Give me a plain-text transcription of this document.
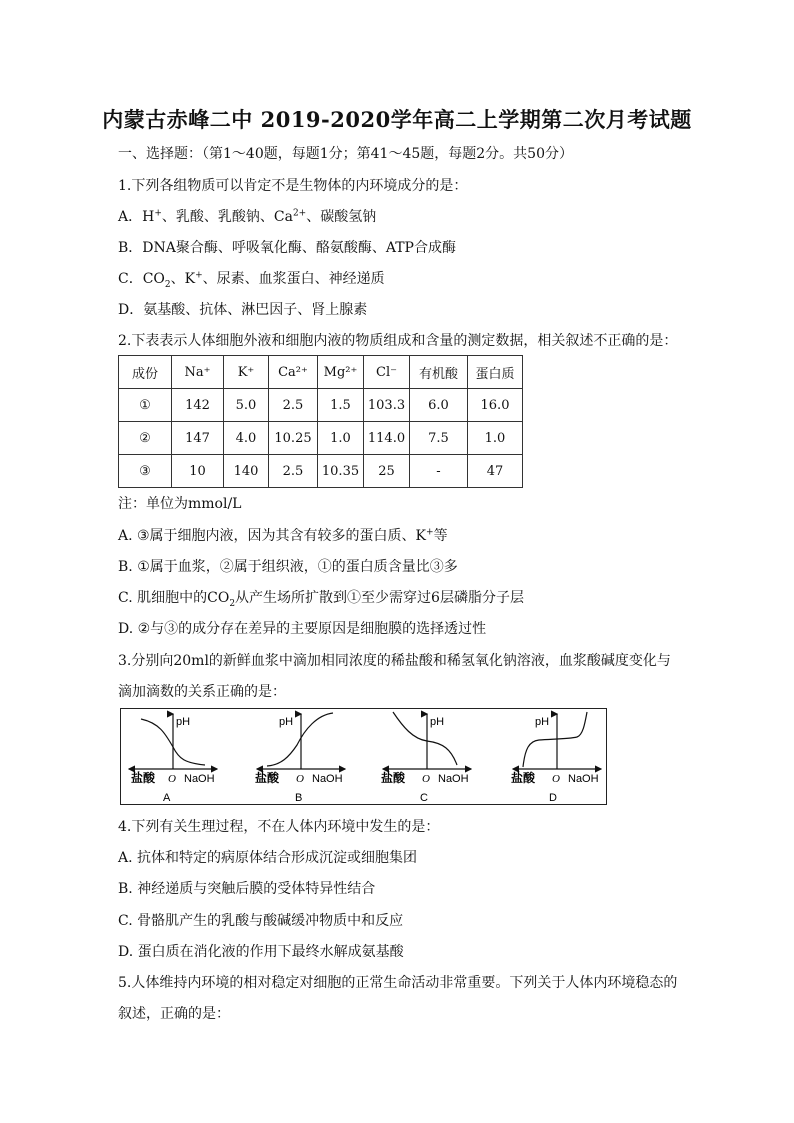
内蒙古赤峰二中 2019-2020学年高二上学期第二次月考试题
一、选择题：（第1～40题，每题1分；第41～45题，每题2分。共50分）
1.下列各组物质可以肯定不是生物体的内环境成分的是：
A．H+、乳酸、乳酸钠、$Ca^{2+}$、碳酸氢钠
B．DNA聚合酶、呼吸氧化酶、酪氨酸酶、ATP合成酶
C．$CO_2$、K+、尿素、血浆蛋白、神经递质
D．氨基酸、抗体、淋巴因子、肾上腺素
2.下表表示人体细胞外液和细胞内液的物质组成和含量的测定数据，相关叙述不正确的是：
成份	Na⁺	K⁺	Ca²⁺	Mg²⁺	Cl⁻	有机酸	蛋白质
①	142	5.0	2.5	1.5	103.3	6.0	16.0
②	147	4.0	10.25	1.0	114.0	7.5	1.0
③	10	140	2.5	10.35	25	-	47
注：单位为mmol/L
A. ③属于细胞内液，因为其含有较多的蛋白质、K+等
B. ①属于血浆，②属于组织液，①的蛋白质含量比③多
C. 肌细胞中的$CO_2$从产生场所扩散到①至少需穿过6层磷脂分子层
D. ②与③的成分存在差异的主要原因是细胞膜的选择透过性
3.分别向20ml的新鲜血浆中滴加相同浓度的稀盐酸和稀氢氧化钠溶液，血浆酸碱度变化与
滴加滴数的关系正确的是：
pH
盐酸 O NaOH
A
pH
盐酸 O NaOH
B
pH
盐酸 O NaOH
C
pH
盐酸 O NaOH
D
4.下列有关生理过程，不在人体内环境中发生的是：
A. 抗体和特定的病原体结合形成沉淀或细胞集团
B. 神经递质与突触后膜的受体特异性结合
C. 骨骼肌产生的乳酸与酸碱缓冲物质中和反应
D. 蛋白质在消化液的作用下最终水解成氨基酸
5.人体维持内环境的相对稳定对细胞的正常生命活动非常重要。下列关于人体内环境稳态的
叙述，正确的是：
